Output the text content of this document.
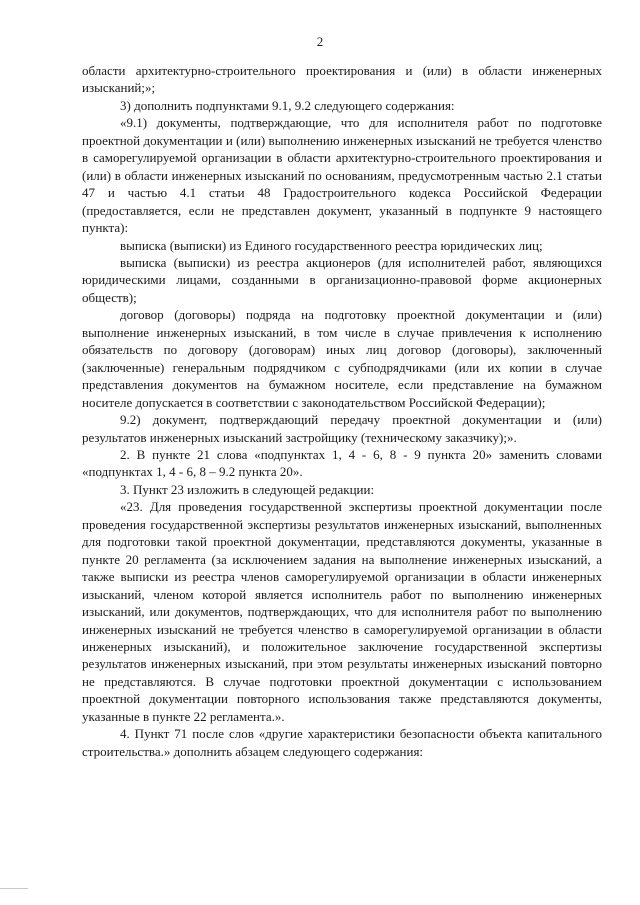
2

области архитектурно-строительного проектирования и (или) в области инженерных изысканий;»;

3) дополнить подпунктами 9.1, 9.2 следующего содержания:

«9.1) документы, подтверждающие, что для исполнителя работ по подготовке проектной документации и (или) выполнению инженерных изысканий не требуется членство в саморегулируемой организации в области архитектурно-строительного проектирования и (или) в области инженерных изысканий по основаниям, предусмотренным частью 2.1 статьи 47 и частью 4.1 статьи 48 Градостроительного кодекса Российской Федерации (предоставляется, если не представлен документ, указанный в подпункте 9 настоящего пункта):

выписка (выписки) из Единого государственного реестра юридических лиц;

выписка (выписки) из реестра акционеров (для исполнителей работ, являющихся юридическими лицами, созданными в организационно-правовой форме акционерных обществ);

договор (договоры) подряда на подготовку проектной документации и (или) выполнение инженерных изысканий, в том числе в случае привлечения к исполнению обязательств по договору (договорам) иных лиц договор (договоры), заключенный (заключенные) генеральным подрядчиком с субподрядчиками (или их копии в случае представления документов на бумажном носителе, если представление на бумажном носителе допускается в соответствии с законодательством Российской Федерации);

9.2) документ, подтверждающий передачу проектной документации и (или) результатов инженерных изысканий застройщику (техническому заказчику);».

2. В пункте 21 слова «подпунктах 1, 4 - 6, 8 - 9 пункта 20» заменить словами «подпунктах 1, 4 - 6, 8 – 9.2 пункта 20».

3. Пункт 23 изложить в следующей редакции:

«23. Для проведения государственной экспертизы проектной документации после проведения государственной экспертизы результатов инженерных изысканий, выполненных для подготовки такой проектной документации, представляются документы, указанные в пункте 20 регламента (за исключением задания на выполнение инженерных изысканий, а также выписки из реестра членов саморегулируемой организации в области инженерных изысканий, членом которой является исполнитель работ по выполнению инженерных изысканий, или документов, подтверждающих, что для исполнителя работ по выполнению инженерных изысканий не требуется членство в саморегулируемой организации в области инженерных изысканий), и положительное заключение государственной экспертизы результатов инженерных изысканий, при этом результаты инженерных изысканий повторно не представляются. В случае подготовки проектной документации с использованием проектной документации повторного использования также представляются документы, указанные в пункте 22 регламента.».

4. Пункт 71 после слов «другие характеристики безопасности объекта капитального строительства.» дополнить абзацем следующего содержания:
